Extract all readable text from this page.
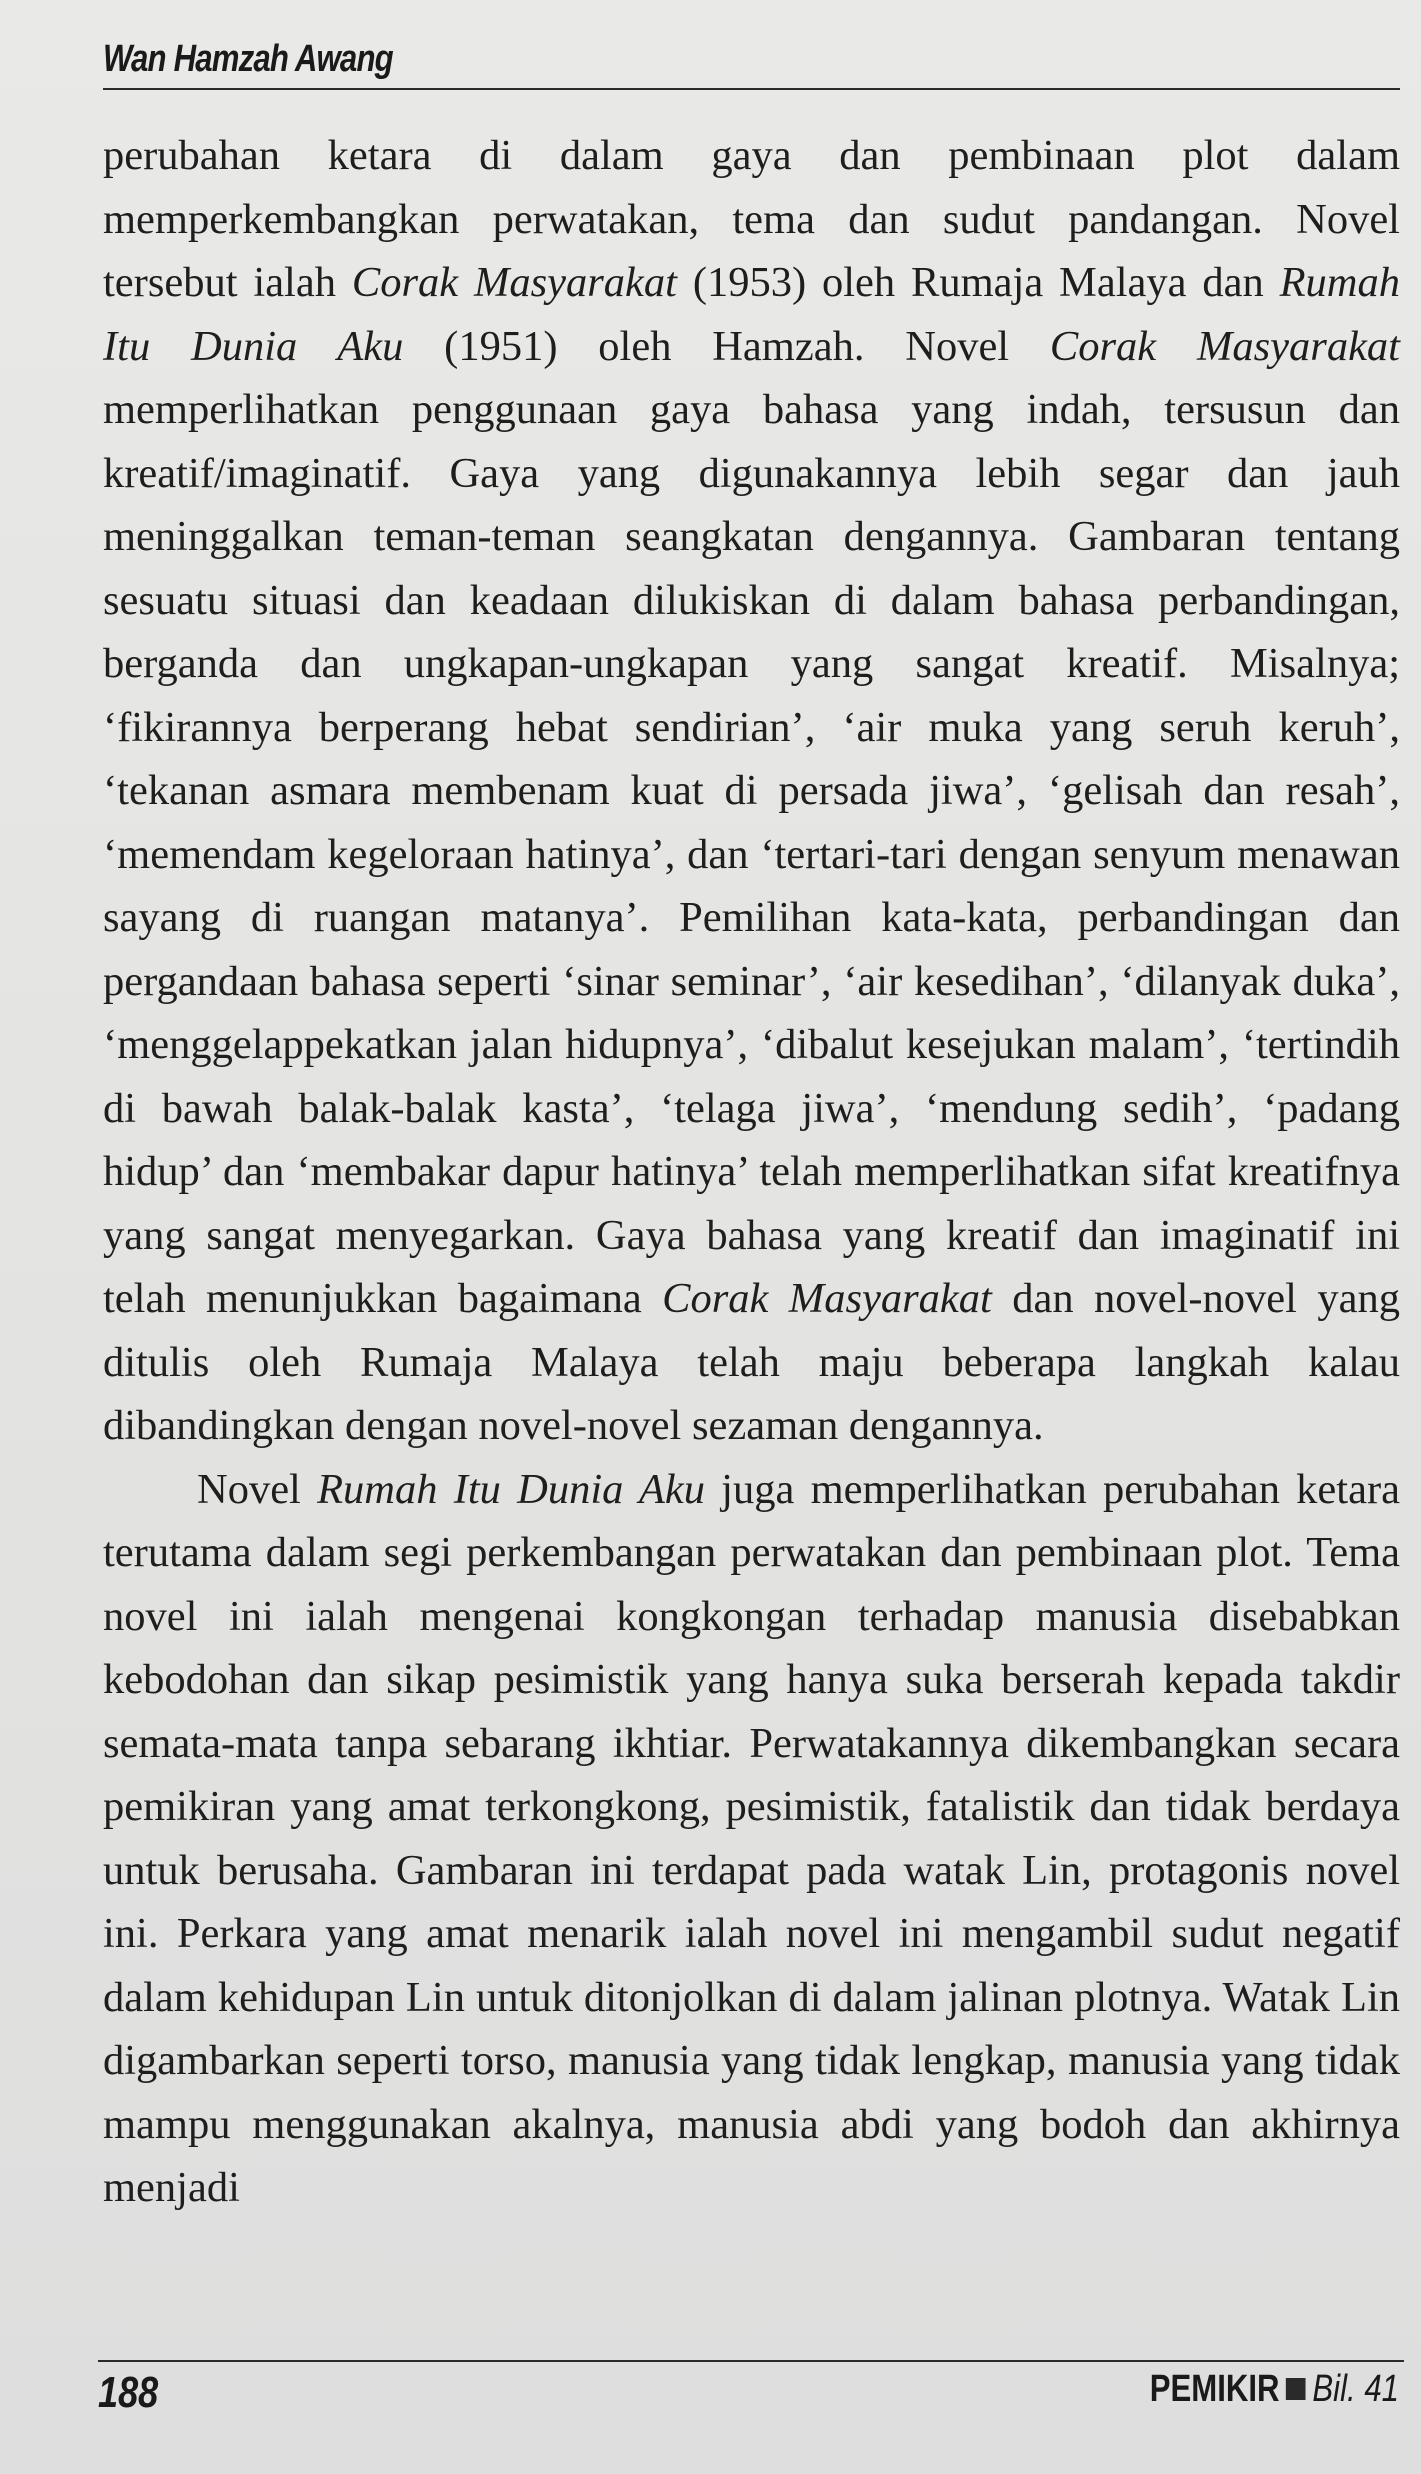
Wan Hamzah Awang

perubahan ketara di dalam gaya dan pembinaan plot dalam memperkembangkan perwatakan, tema dan sudut pandangan. Novel tersebut ialah Corak Masyarakat (1953) oleh Rumaja Malaya dan Rumah Itu Dunia Aku (1951) oleh Hamzah. Novel Corak Masyarakat memperlihatkan penggunaan gaya bahasa yang indah, tersusun dan kreatif/imaginatif. Gaya yang digunakannya lebih segar dan jauh meninggalkan teman-teman seangkatan dengannya. Gambaran tentang sesuatu situasi dan keadaan dilukiskan di dalam bahasa perbandingan, berganda dan ungkapan-ungkapan yang sangat kreatif. Misalnya; ‘fikirannya berperang hebat sendirian’, ‘air muka yang seruh keruh’, ‘tekanan asmara membenam kuat di persada jiwa’, ‘gelisah dan resah’, ‘memendam kegeloraan hatinya’, dan ‘tertari-tari dengan senyum menawan sayang di ruangan matanya’. Pemilihan kata-kata, perbandingan dan pergandaan bahasa seperti ‘sinar seminar’, ‘air kesedihan’, ‘dilanyak duka’, ‘menggelappekatkan jalan hidupnya’, ‘dibalut kesejukan malam’, ‘tertindih di bawah balak-balak kasta’, ‘telaga jiwa’, ‘mendung sedih’, ‘padang hidup’ dan ‘membakar dapur hatinya’ telah memperlihatkan sifat kreatifnya yang sangat menyegarkan. Gaya bahasa yang kreatif dan imaginatif ini telah menunjukkan bagaimana Corak Masyarakat dan novel-novel yang ditulis oleh Rumaja Malaya telah maju beberapa langkah kalau dibandingkan dengan novel-novel sezaman dengannya.

Novel Rumah Itu Dunia Aku juga memperlihatkan perubahan ketara terutama dalam segi perkembangan perwatakan dan pembinaan plot. Tema novel ini ialah mengenai kongkongan terhadap manusia disebabkan kebodohan dan sikap pesimistik yang hanya suka berserah kepada takdir semata-mata tanpa sebarang ikhtiar. Perwatakannya dikembangkan secara pemikiran yang amat terkongkong, pesimistik, fatalistik dan tidak berdaya untuk berusaha. Gambaran ini terdapat pada watak Lin, protagonis novel ini. Perkara yang amat menarik ialah novel ini mengambil sudut negatif dalam kehidupan Lin untuk ditonjolkan di dalam jalinan plotnya. Watak Lin digambarkan seperti torso, manusia yang tidak lengkap, manusia yang tidak mampu menggunakan akalnya, manusia abdi yang bodoh dan akhirnya menjadi

188	PEMIKIR Bil. 41
